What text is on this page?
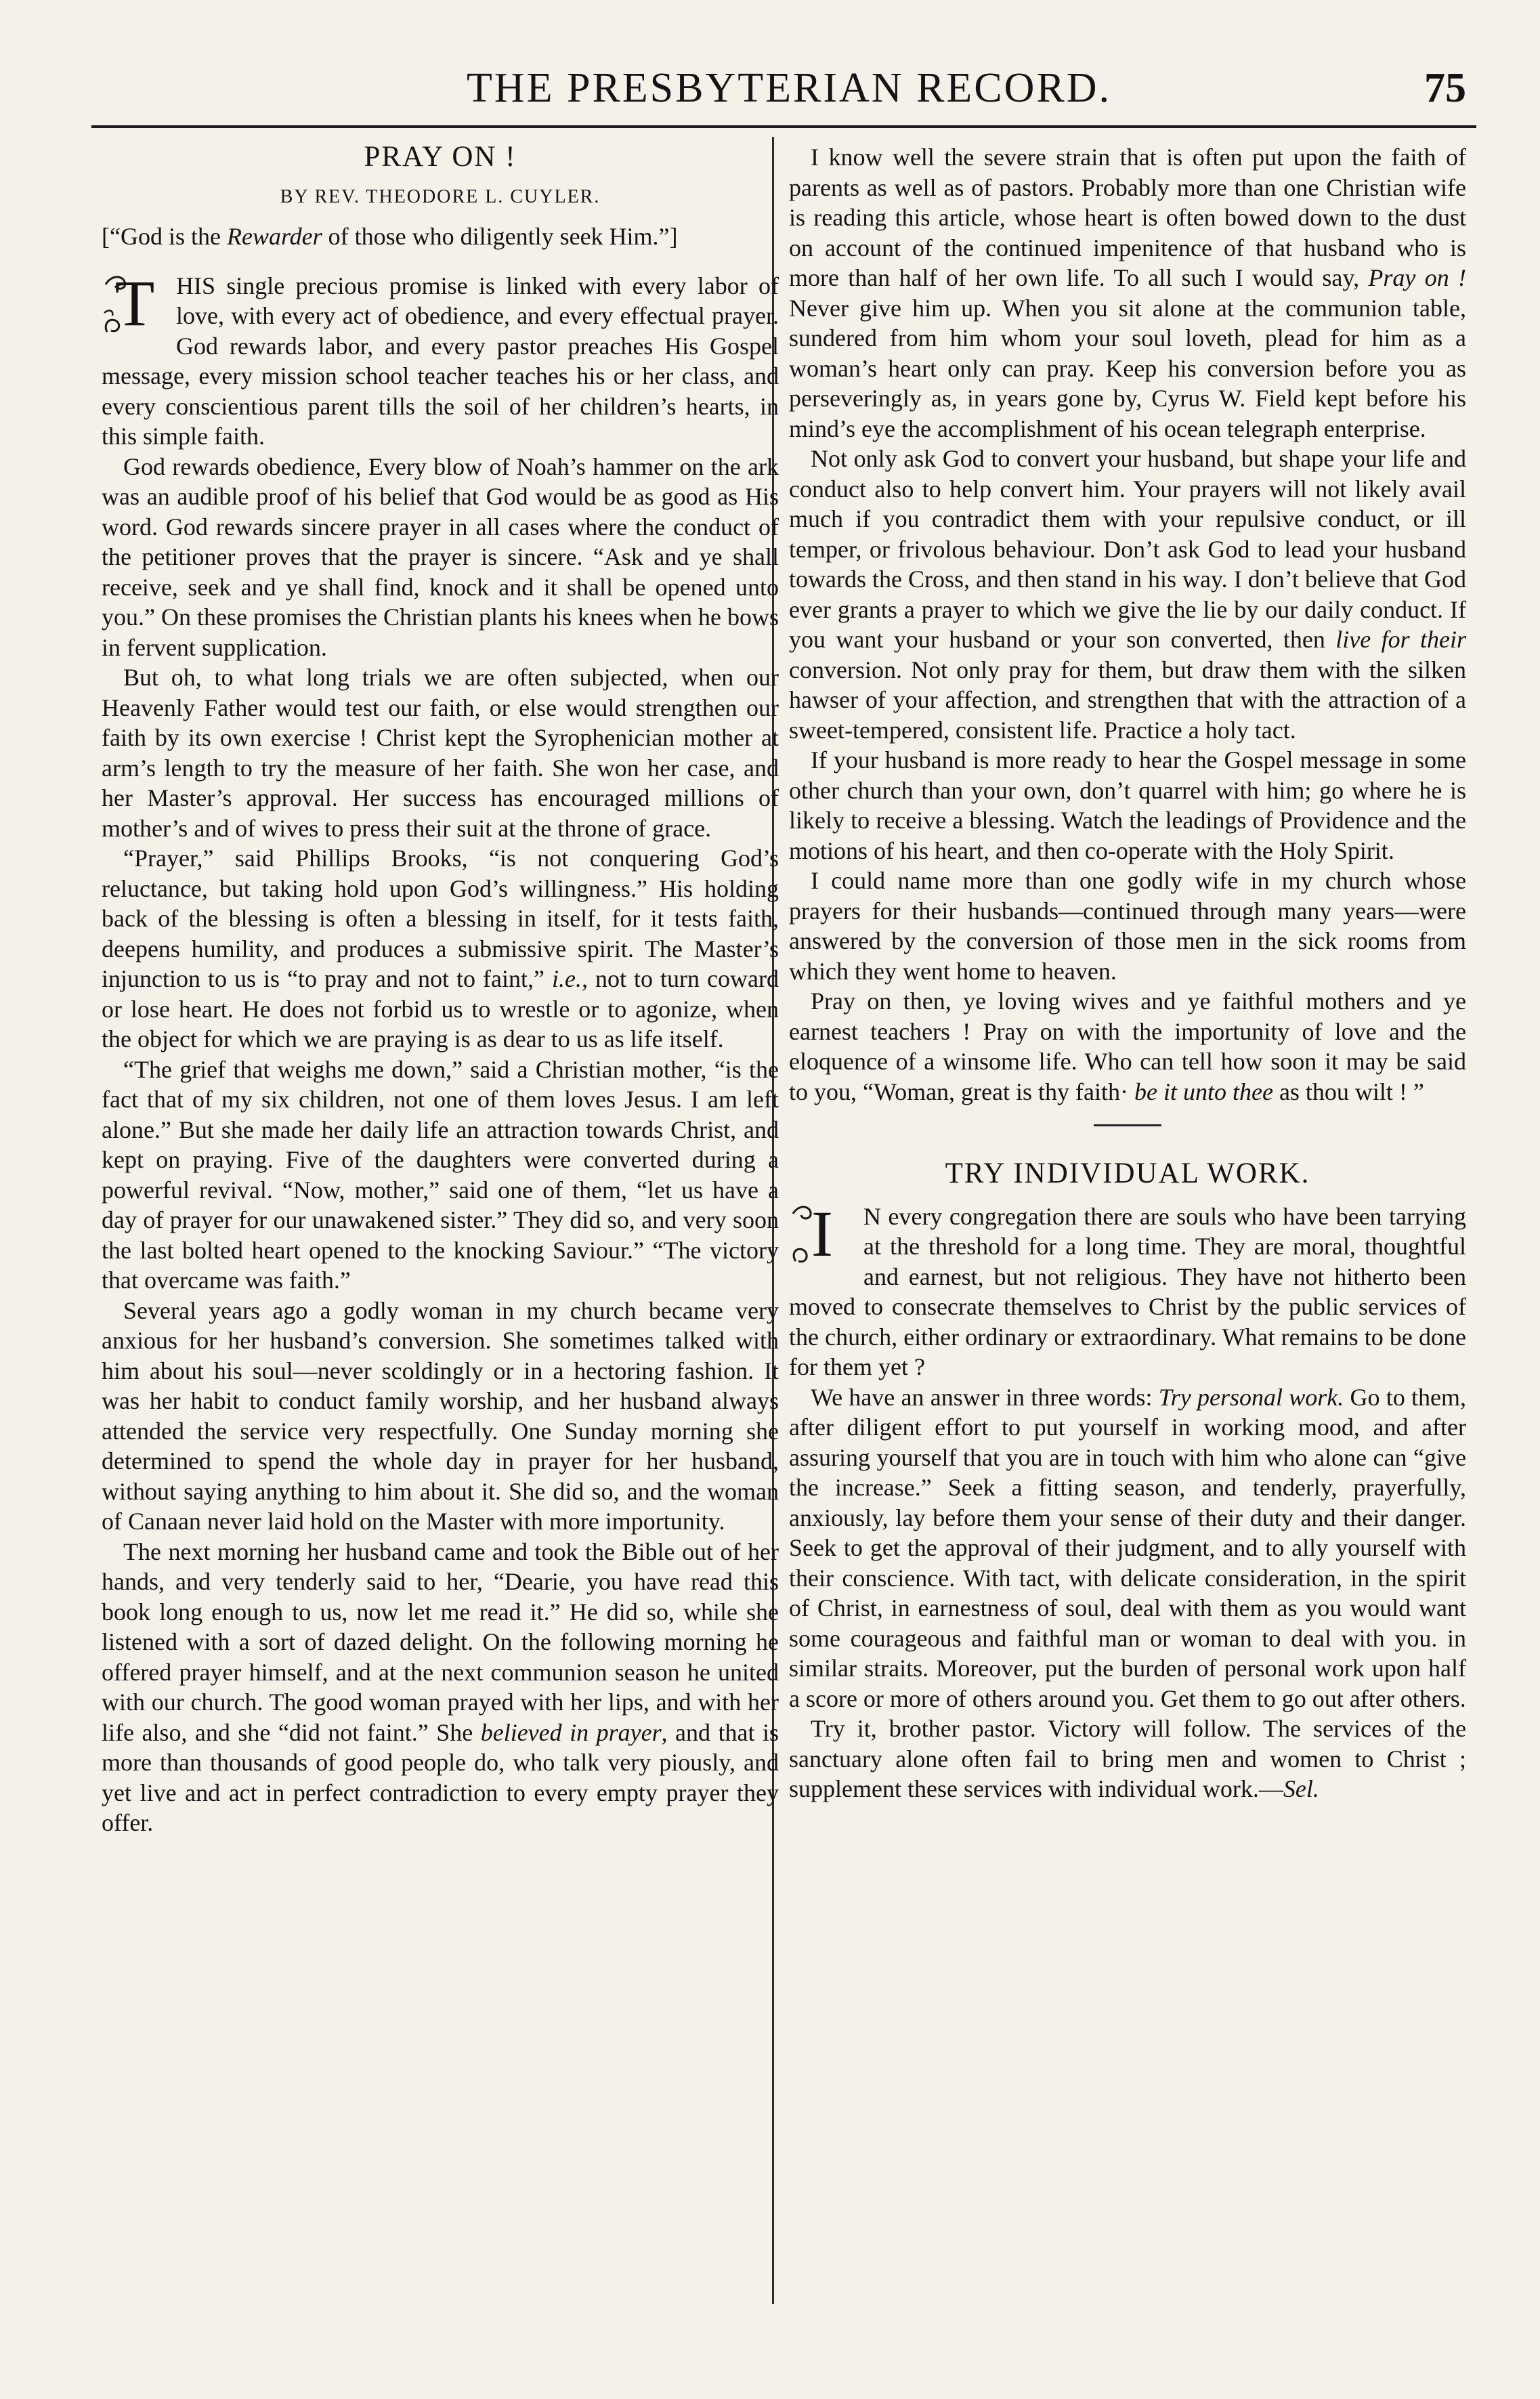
THE PRESBYTERIAN RECORD.	75
PRAY ON !
BY REV. THEODORE L. CUYLER.

[“God is the Rewarder of those who diligently seek Him.”]

T HIS single precious promise is linked with every labor of love, with every act of obedience, and every effectual prayer. God rewards labor, and every pastor preaches His Gospel message, every mission school teacher teaches his or her class, and every conscientious parent tills the soil of her children’s hearts, in this simple faith.

God rewards obedience, Every blow of Noah’s hammer on the ark was an audible proof of his belief that God would be as good as His word. God rewards sincere prayer in all cases where the conduct of the petitioner proves that the prayer is sincere. “Ask and ye shall receive, seek and ye shall find, knock and it shall be opened unto you.” On these promises the Christian plants his knees when he bows in fervent supplication.

But oh, to what long trials we are often subjected, when our Heavenly Father would test our faith, or else would strengthen our faith by its own exercise ! Christ kept the Syrophenician mother at arm’s length to try the measure of her faith. She won her case, and her Master’s approval. Her success has encouraged millions of mother’s and of wives to press their suit at the throne of grace.

“Prayer,” said Phillips Brooks, “is not conquering God’s reluctance, but taking hold upon God’s willingness.” His holding back of the blessing is often a blessing in itself, for it tests faith, deepens humility, and produces a submissive spirit. The Master’s injunction to us is “to pray and not to faint,” i.e., not to turn coward or lose heart. He does not forbid us to wrestle or to agonize, when the object for which we are praying is as dear to us as life itself.

“The grief that weighs me down,” said a Christian mother, “is the fact that of my six children, not one of them loves Jesus. I am left alone.” But she made her daily life an attraction towards Christ, and kept on praying. Five of the daughters were converted during a powerful revival. “Now, mother,” said one of them, “let us have a day of prayer for our unawakened sister.” They did so, and very soon the last bolted heart opened to the knocking Saviour.” “The victory that overcame was faith.”

Several years ago a godly woman in my church became very anxious for her husband’s conversion. She sometimes talked with him about his soul—never scoldingly or in a hectoring fashion. It was her habit to conduct family worship, and her husband always attended the service very respectfully. One Sunday morning she determined to spend the whole day in prayer for her husband, without saying anything to him about it. She did so, and the woman of Canaan never laid hold on the Master with more importunity.

The next morning her husband came and took the Bible out of her hands, and very tenderly said to her, “Dearie, you have read this book long enough to us, now let me read it.” He did so, while she listened with a sort of dazed delight. On the following morning he offered prayer himself, and at the next communion season he united with our church. The good woman prayed with her lips, and with her life also, and she “did not faint.” She believed in prayer, and that is more than thousands of good people do, who talk very piously, and yet live and act in perfect contradiction to every empty prayer they offer.

I know well the severe strain that is often put upon the faith of parents as well as of pastors. Probably more than one Christian wife is reading this article, whose heart is often bowed down to the dust on account of the continued impenitence of that husband who is more than half of her own life. To all such I would say, Pray on ! Never give him up. When you sit alone at the communion table, sundered from him whom your soul loveth, plead for him as a woman’s heart only can pray. Keep his conversion before you as perseveringly as, in years gone by, Cyrus W. Field kept before his mind’s eye the accomplishment of his ocean telegraph enterprise.

Not only ask God to convert your husband, but shape your life and conduct also to help convert him. Your prayers will not likely avail much if you contradict them with your repulsive conduct, or ill temper, or frivolous behaviour. Don’t ask God to lead your husband towards the Cross, and then stand in his way. I don’t believe that God ever grants a prayer to which we give the lie by our daily conduct. If you want your husband or your son converted, then live for their conversion. Not only pray for them, but draw them with the silken hawser of your affection, and strengthen that with the attraction of a sweet-tempered, consistent life. Practice a holy tact.

If your husband is more ready to hear the Gospel message in some other church than your own, don’t quarrel with him; go where he is likely to receive a blessing. Watch the leadings of Providence and the motions of his heart, and then co-operate with the Holy Spirit.

I could name more than one godly wife in my church whose prayers for their husbands—continued through many years—were answered by the conversion of those men in the sick rooms from which they went home to heaven.

Pray on then, ye loving wives and ye faithful mothers and ye earnest teachers ! Pray on with the importunity of love and the eloquence of a winsome life. Who can tell how soon it may be said to you, “Woman, great is thy faith· be it unto thee as thou wilt ! ”

TRY INDIVIDUAL WORK.

I	N every congregation there are souls who have been tarrying at the threshold for a long time. They are moral, thoughtful and earnest, but not religious. They have not hitherto been moved to consecrate themselves to Christ by the public services of the church, either ordinary or extraordinary. What remains to be done for them yet ?

We have an answer in three words: Try personal work. Go to them, after diligent effort to put yourself in working mood, and after assuring yourself that you are in touch with him who alone can “give the increase.” Seek a fitting season, and tenderly, prayerfully, anxiously, lay before them your sense of their duty and their danger. Seek to get the approval of their judgment, and to ally yourself with their conscience. With tact, with delicate consideration, in the spirit of Christ, in earnestness of soul, deal with them as you would want some courageous and faithful man or woman to deal with you. in similar straits. Moreover, put the burden of personal work upon half a score or more of others around you. Get them to go out after others.

Try it, brother pastor. Victory will follow. The services of the sanctuary alone often fail to bring men and women to Christ ; supplement these services with individual work.—Sel.
